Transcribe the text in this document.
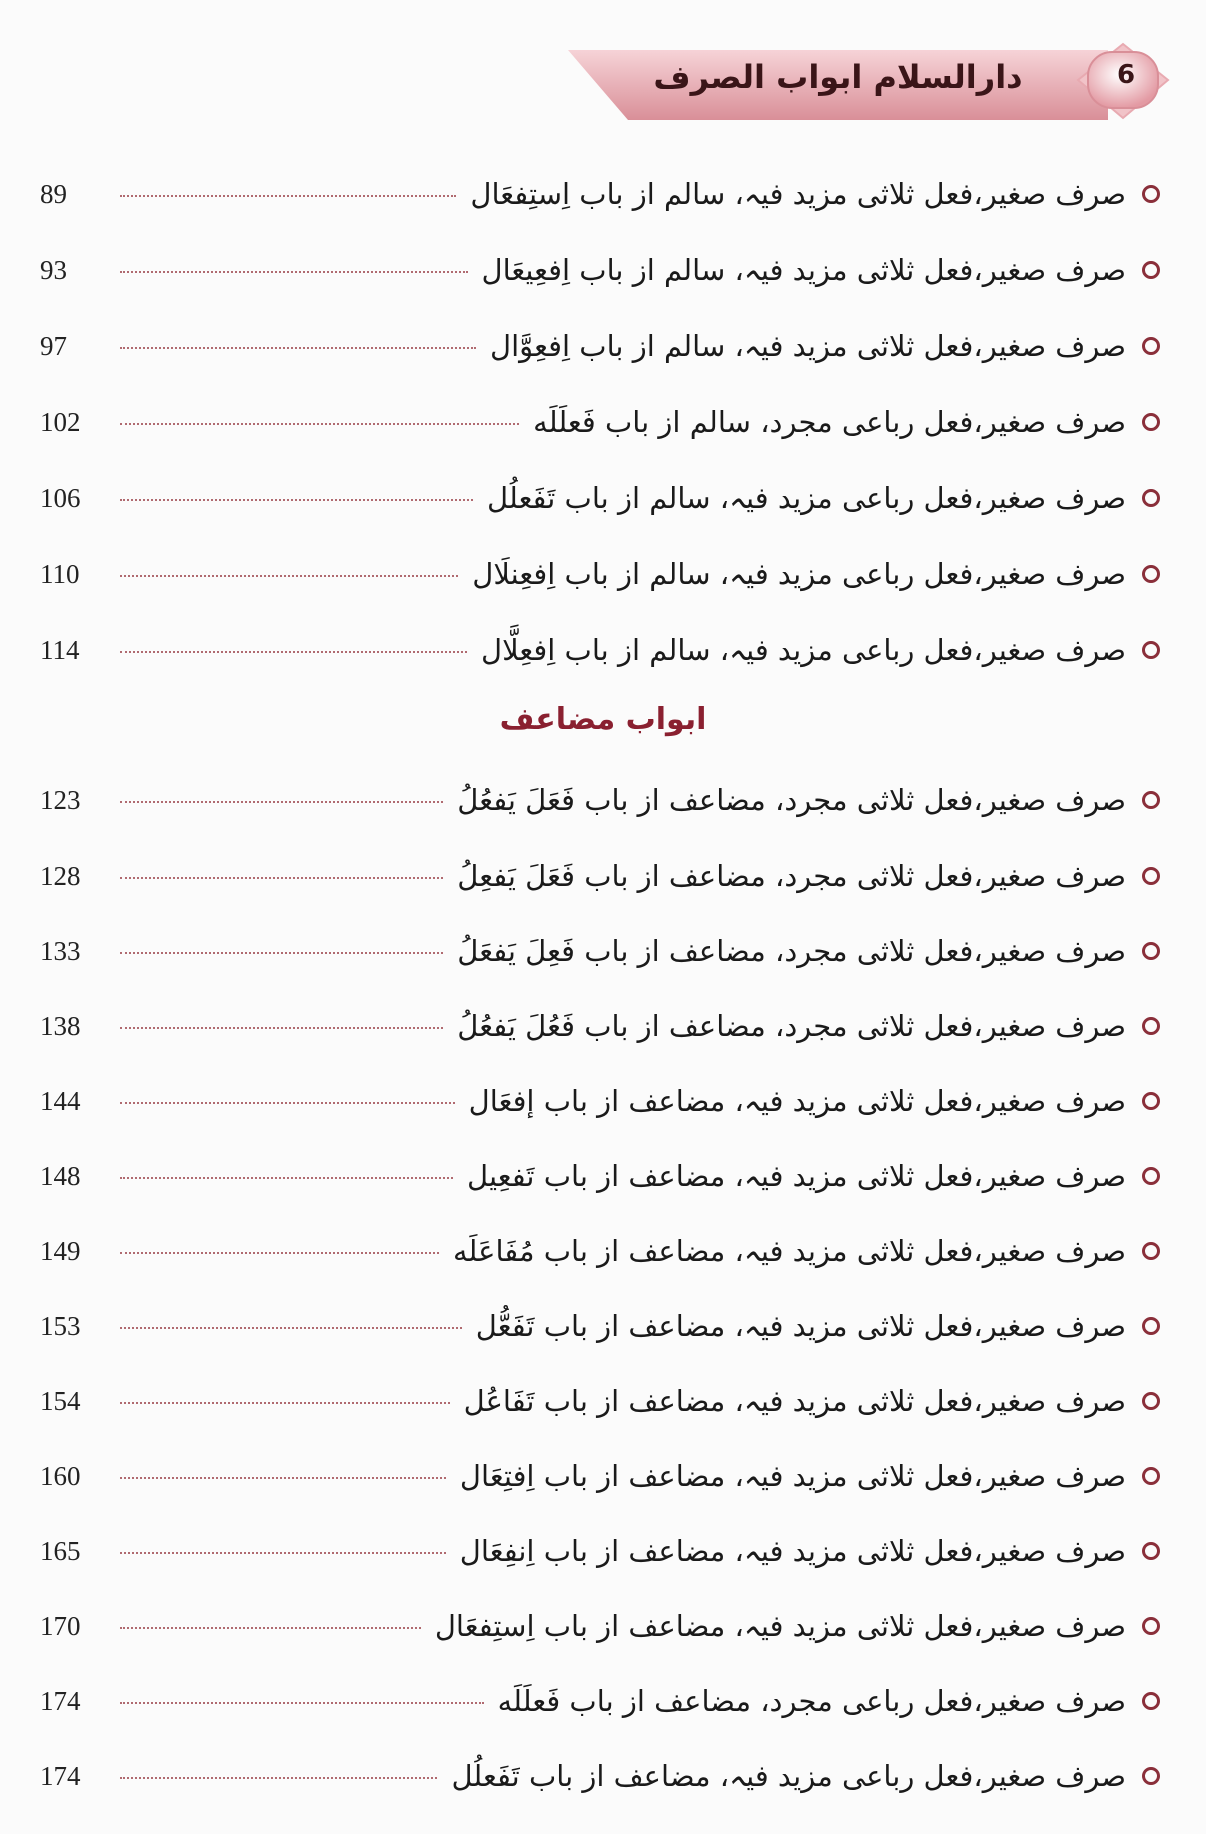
دارالسلام ابواب الصرف	6
89	صرف صغیر،فعل ثلاثی مزید فیہ، سالم از باب اِستِفعَال
93	صرف صغیر،فعل ثلاثی مزید فیہ، سالم از باب اِفعِیعَال
97	صرف صغیر،فعل ثلاثی مزید فیہ، سالم از باب اِفعِوَّال
102	صرف صغیر،فعل رباعی مجرد، سالم از باب فَعلَلَه
106	صرف صغیر،فعل رباعی مزید فیہ، سالم از باب تَفَعلُل
110	صرف صغیر،فعل رباعی مزید فیہ، سالم از باب اِفعِنلَال
114	صرف صغیر،فعل رباعی مزید فیہ، سالم از باب اِفعِلَّال
ابواب مضاعف
123	صرف صغیر،فعل ثلاثی مجرد، مضاعف از باب فَعَلَ یَفعُلُ
128	صرف صغیر،فعل ثلاثی مجرد، مضاعف از باب فَعَلَ یَفعِلُ
133	صرف صغیر،فعل ثلاثی مجرد، مضاعف از باب فَعِلَ یَفعَلُ
138	صرف صغیر،فعل ثلاثی مجرد، مضاعف از باب فَعُلَ یَفعُلُ
144	صرف صغیر،فعل ثلاثی مزید فیہ، مضاعف از باب إفعَال
148	صرف صغیر،فعل ثلاثی مزید فیہ، مضاعف از باب تَفعِیل
149	صرف صغیر،فعل ثلاثی مزید فیہ، مضاعف از باب مُفَاعَلَه
153	صرف صغیر،فعل ثلاثی مزید فیہ، مضاعف از باب تَفَعُّل
154	صرف صغیر،فعل ثلاثی مزید فیہ، مضاعف از باب تَفَاعُل
160	صرف صغیر،فعل ثلاثی مزید فیہ، مضاعف از باب اِفتِعَال
165	صرف صغیر،فعل ثلاثی مزید فیہ، مضاعف از باب اِنفِعَال
170	صرف صغیر،فعل ثلاثی مزید فیہ، مضاعف از باب اِستِفعَال
174	صرف صغیر،فعل رباعی مجرد، مضاعف از باب فَعلَلَه
174	صرف صغیر،فعل رباعی مزید فیہ، مضاعف از باب تَفَعلُل
